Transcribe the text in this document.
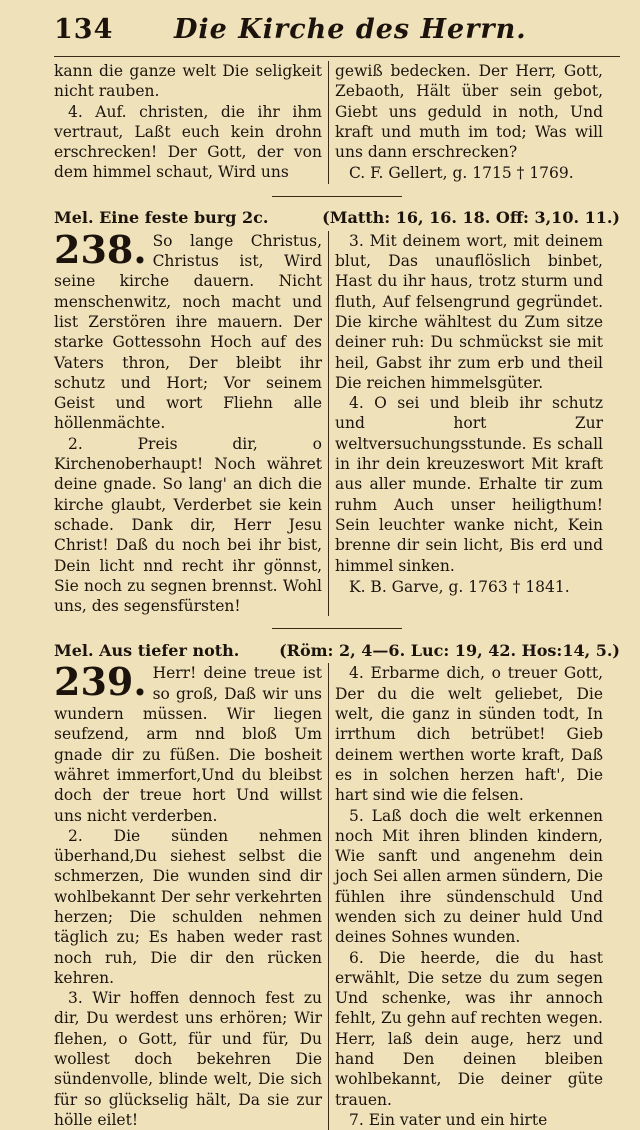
134	Die Kirche des Herrn.

kann die ganze welt Die seligkeit nicht rauben.

4. Auf. christen, die ihr ihm vertraut, Laßt euch kein drohn erschrecken! Der Gott, der von dem himmel schaut, Wird uns

gewiß bedecken. Der Herr, Gott, Zebaoth, Hält über sein gebot, Giebt uns geduld in noth, Und kraft und muth im tod; Was will uns dann erschrecken?

C. F. Gellert, g. 1715 † 1769.

Mel. Eine feste burg 2c.	(Matth: 16, 16. 18. Off: 3,10. 11.)

238. So lange Christus, Christus ist, Wird seine kirche dauern. Nicht menschenwitz, noch macht und list Zerstören ihre mauern. Der starke Gottessohn Hoch auf des Vaters thron, Der bleibt ihr schutz und Hort; Vor seinem Geist und wort Fliehn alle höllenmächte.

2. Preis dir, o Kirchenoberhaupt! Noch währet deine gnade. So lang' an dich die kirche glaubt, Verderbet sie kein schade. Dank dir, Herr Jesu Christ! Daß du noch bei ihr bist, Dein licht nnd recht ihr gönnst, Sie noch zu segnen brennst. Wohl uns, des segensfürsten!

3. Mit deinem wort, mit deinem blut, Das unauflöslich binbet, Hast du ihr haus, trotz sturm und fluth, Auf felsengrund gegründet. Die kirche wähltest du Zum sitze deiner ruh: Du schmückst sie mit heil, Gabst ihr zum erb und theil Die reichen himmelsgüter.

4. O sei und bleib ihr schutz und hort Zur weltversuchungsstunde. Es schall in ihr dein kreuzeswort Mit kraft aus aller munde. Erhalte tir zum ruhm Auch unser heiligthum! Sein leuchter wanke nicht, Kein brenne dir sein licht, Bis erd und himmel sinken.

K. B. Garve, g. 1763 † 1841.

Mel. Aus tiefer noth. (Röm: 2, 4—6. Luc: 19, 42. Hos:14, 5.)

239. Herr! deine treue ist so groß, Daß wir uns wundern müssen. Wir liegen seufzend, arm nnd bloß Um gnade dir zu füßen. Die bosheit währet immerfort,Und du bleibst doch der treue hort Und willst uns nicht verderben.

2. Die sünden nehmen überhand,Du siehest selbst die schmerzen, Die wunden sind dir wohlbekannt Der sehr verkehrten herzen; Die schulden nehmen täglich zu; Es haben weder rast noch ruh, Die dir den rücken kehren.

3. Wir hoffen dennoch fest zu dir, Du werdest uns erhören; Wir flehen, o Gott, für und für, Du wollest doch bekehren Die sündenvolle, blinde welt, Die sich für so glückselig hält, Da sie zur hölle eilet!

4. Erbarme dich, o treuer Gott, Der du die welt geliebet, Die welt, die ganz in sünden todt, In irrthum dich betrübet! Gieb deinem werthen worte kraft, Daß es in solchen herzen haft', Die hart sind wie die felsen.

5. Laß doch die welt erkennen noch Mit ihren blinden kindern, Wie sanft und angenehm dein joch Sei allen armen sündern, Die fühlen ihre sündenschuld Und wenden sich zu deiner huld Und deines Sohnes wunden.

6. Die heerde, die du hast erwählt, Die setze du zum segen Und schenke, was ihr annoch fehlt, Zu gehn auf rechten wegen. Herr, laß dein auge, herz und hand Den deinen bleiben wohlbekannt, Die deiner güte trauen.

7. Ein vater und ein hirte
